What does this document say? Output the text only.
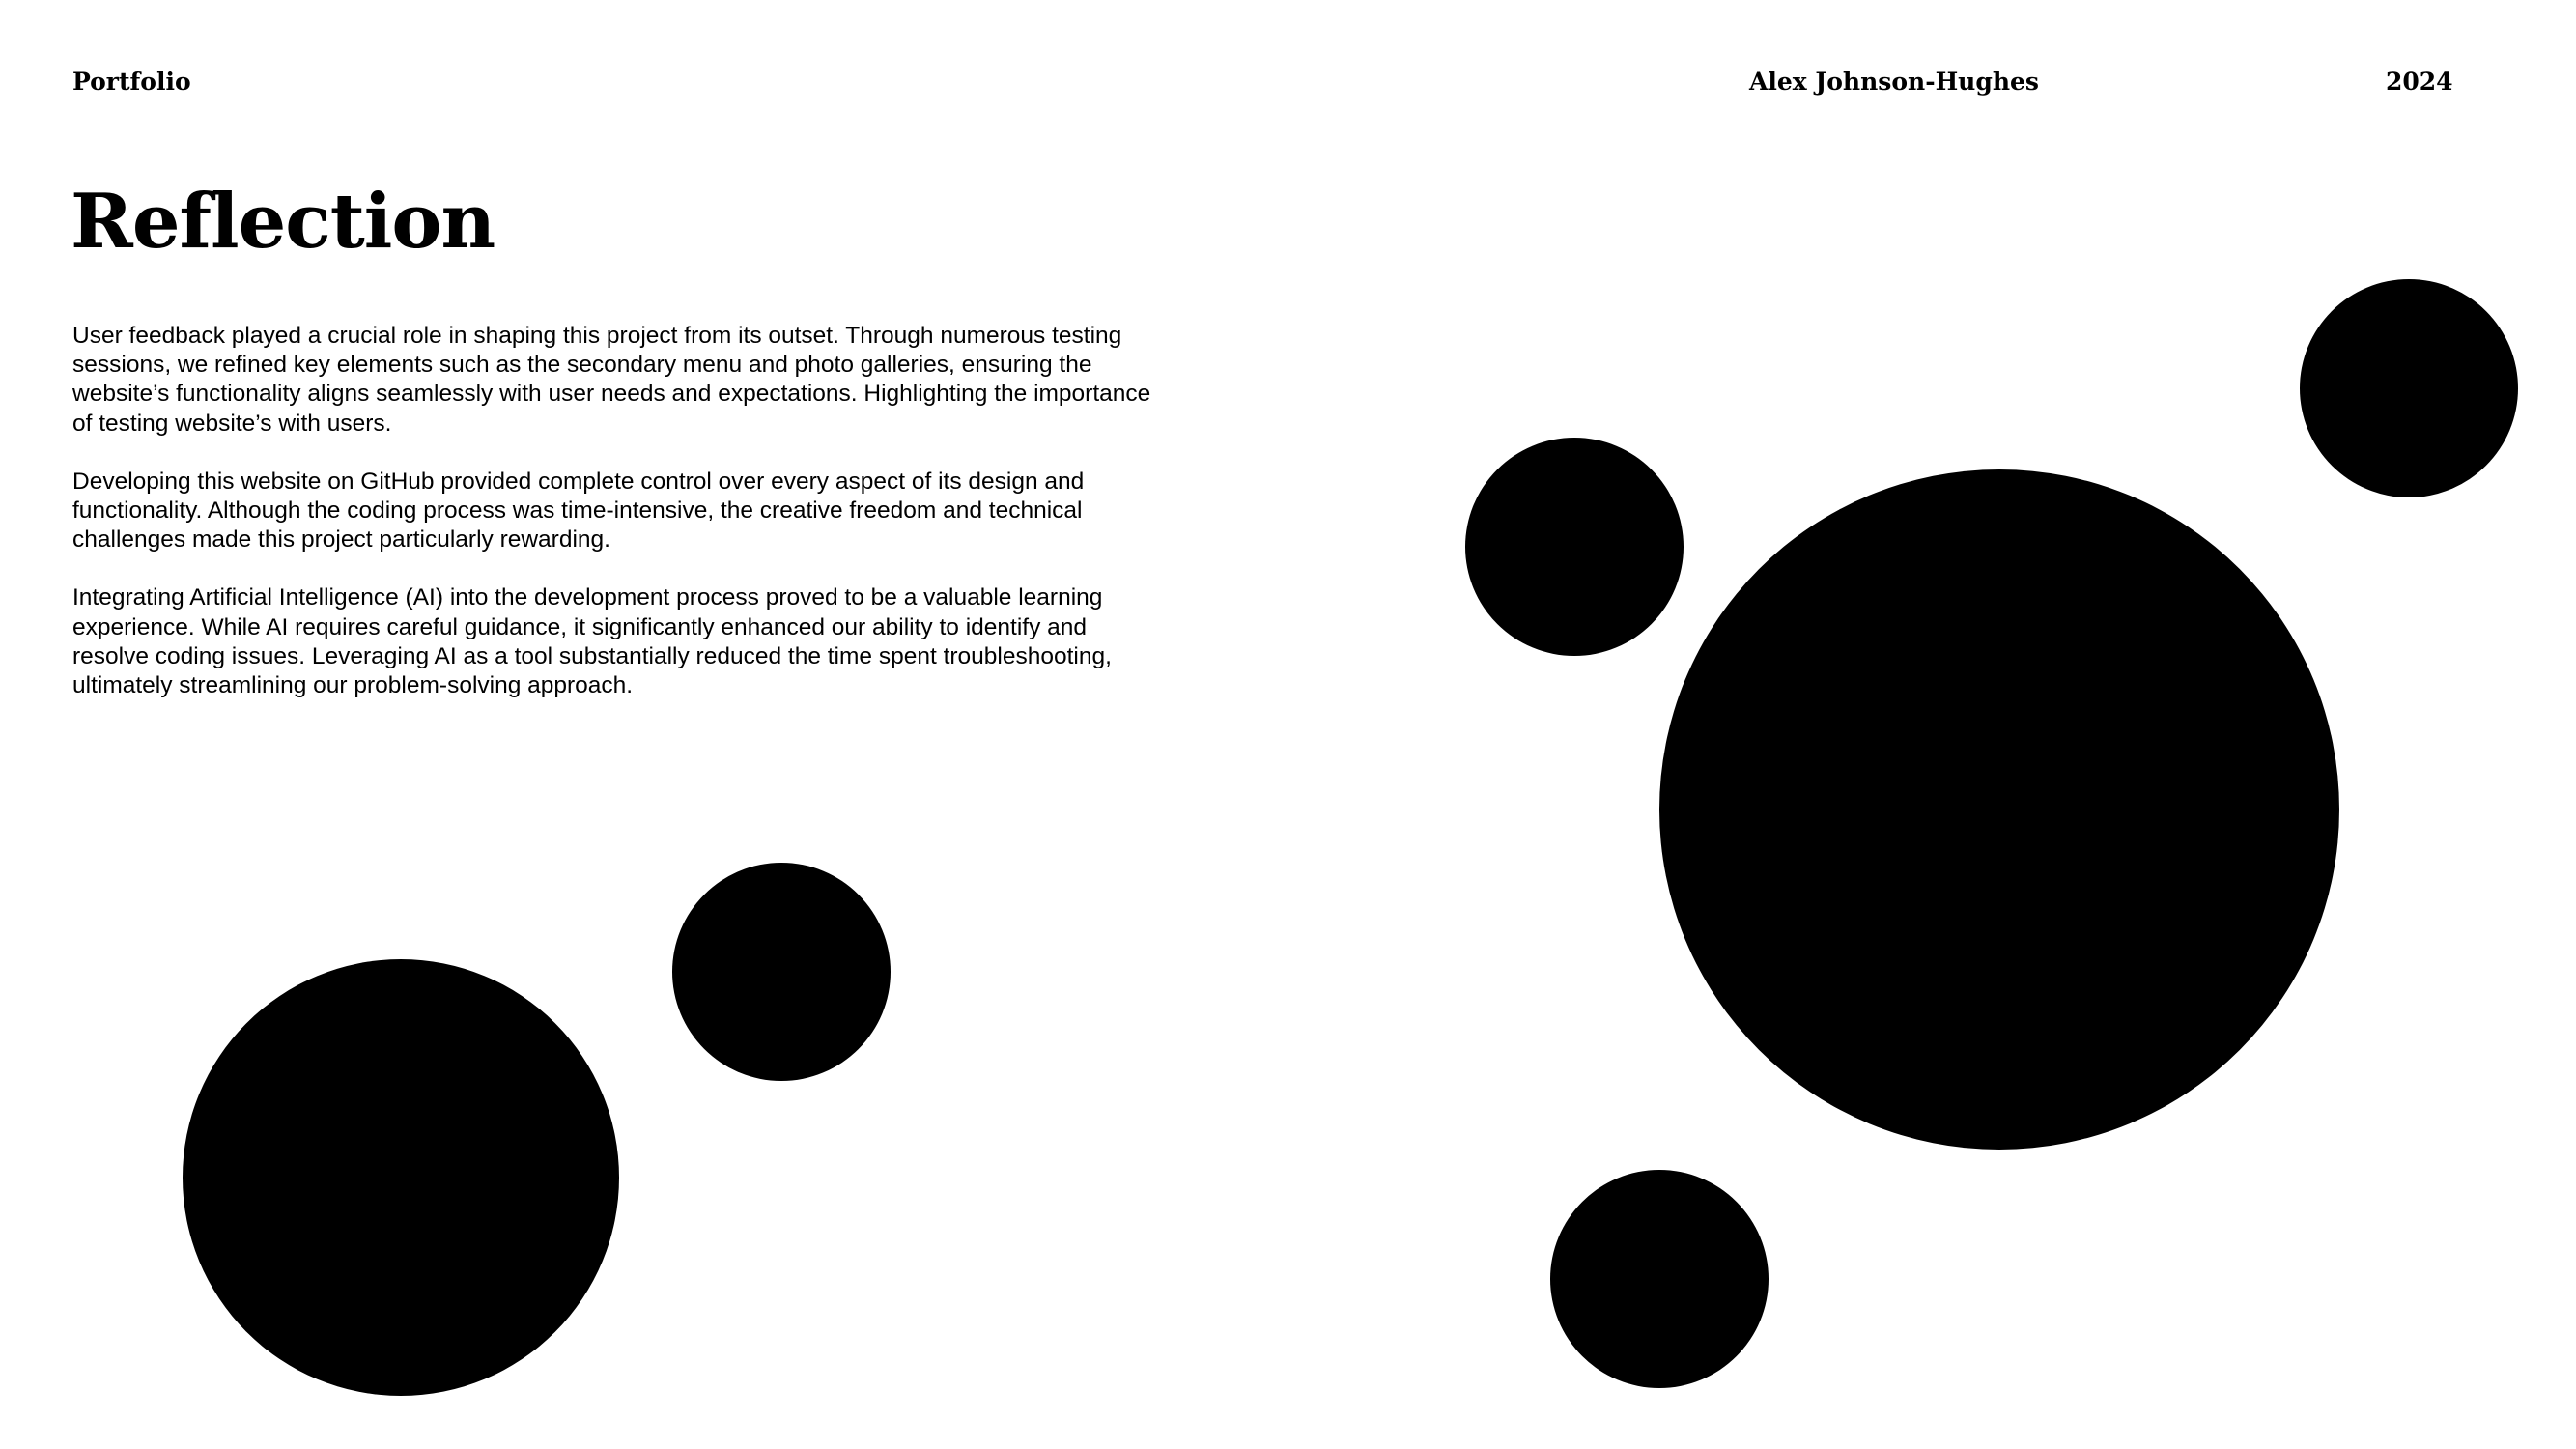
Portfolio	Alex Johnson-Hughes	2024
Reflection

User feedback played a crucial role in shaping this project from its outset. Through numerous testing sessions, we refined key elements such as the secondary menu and photo galleries, ensuring the website’s functionality aligns seamlessly with user needs and expectations. Highlighting the importance of testing website’s with users.

Developing this website on GitHub provided complete control over every aspect of its design and functionality. Although the coding process was time-intensive, the creative freedom and technical challenges made this project particularly rewarding.

Integrating Artificial Intelligence (AI) into the development process proved to be a valuable learning experience. While AI requires careful guidance, it significantly enhanced our ability to identify and resolve coding issues. Leveraging AI as a tool substantially reduced the time spent troubleshooting, ultimately streamlining our problem-solving approach.
